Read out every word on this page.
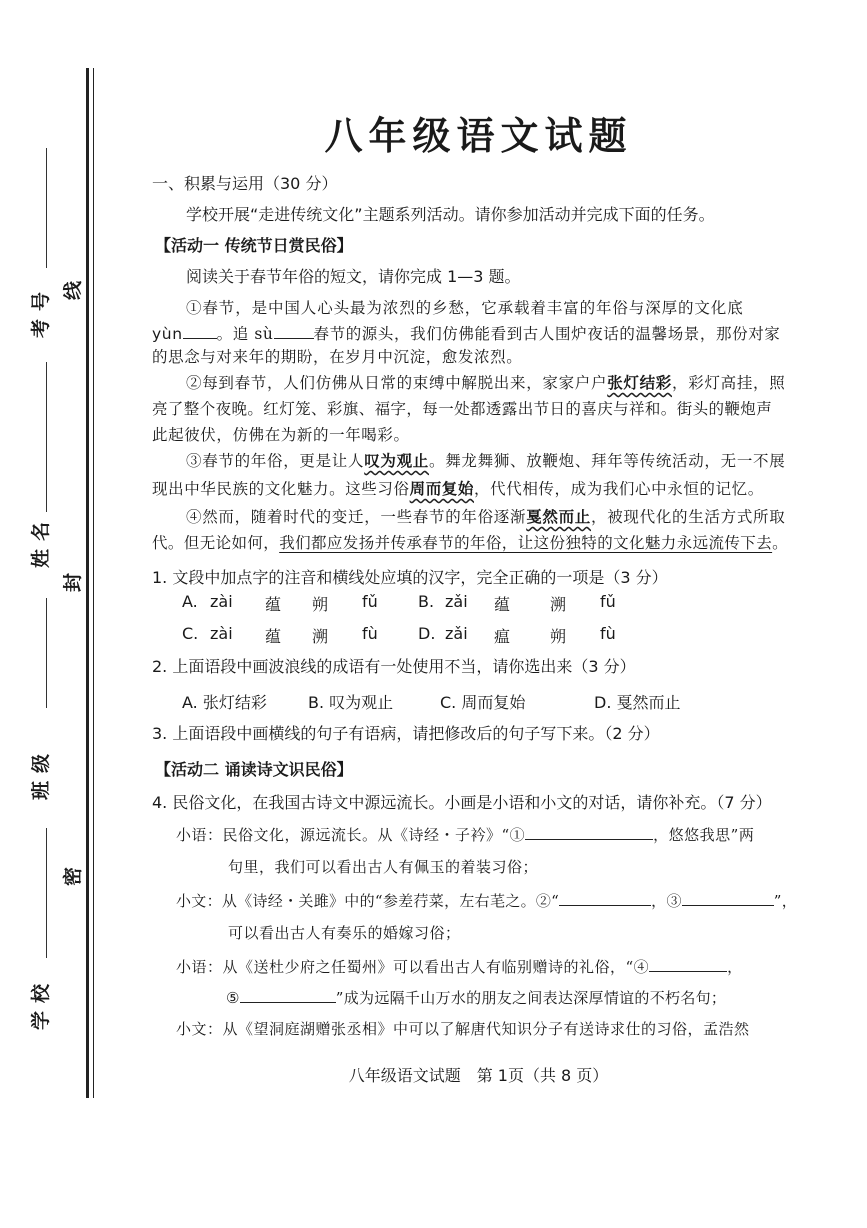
考号 线
姓名
封
班级
密
学校
八年级语文试题
一、积累与运用（30 分）
学校开展“走进传统文化”主题系列活动。请你参加活动并完成下面的任务。
【活动一 传统节日赏民俗】
阅读关于春节年俗的短文，请你完成 1—3 题。
①春节，是中国人心头最为浓烈的乡愁，它承载着丰富的年俗与深厚的文化底
yùn 。追 sù	春节的源头，我们仿佛能看到古人围炉夜话的温馨场景，那份对家
的思念与对来年的期盼，在岁月中沉淀，愈发浓烈。
②每到春节，人们仿佛从日常的束缚中解脱出来，家家户户张灯结彩，彩灯高挂，照
亮了整个夜晚。红灯笼、彩旗、福字，每一处都透露出节日的喜庆与祥和。街头的鞭炮声
此起彼伏，仿佛在为新的一年喝彩。
③春节的年俗，更是让人叹为观止。舞龙舞狮、放鞭炮、拜年等传统活动，无一不展
现出中华民族的文化魅力。这些习俗周而复始，代代相传，成为我们心中永恒的记忆。
④然而，随着时代的变迁，一些春节的年俗逐渐戛然而止，被现代化的生活方式所取
代。但无论如何，我们都应发扬并传承春节的年俗，让这份独特的文化魅力永远流传下去。
1. 文段中加点字的注音和横线处应填的汉字，完全正确的一项是（3 分）
A. zài 蕴 朔 fǔ	B. zǎi 蕴 溯 fǔ
C. zài 蕴 溯 fù	D. zǎi 瘟 朔 fù
2. 上面语段中画波浪线的成语有一处使用不当，请你选出来（3 分）
A. 张灯结彩	B. 叹为观止	C. 周而复始	D. 戛然而止
3. 上面语段中画横线的句子有语病，请把修改后的句子写下来。（2 分）
【活动二 诵读诗文识民俗】
4. 民俗文化，在我国古诗文中源远流长。小画是小语和小文的对话，请你补充。（7 分）
小语：民俗文化，源远流长。从《诗经・子衿》“①	，悠悠我思”两
句里，我们可以看出古人有佩玉的着装习俗；
小文：从《诗经・关雎》中的“参差荇菜，左右芼之。②“	，③	”，
可以看出古人有奏乐的婚嫁习俗；
小语：从《送杜少府之任蜀州》可以看出古人有临别赠诗的礼俗，“④	，
⑤	”成为远隔千山万水的朋友之间表达深厚情谊的不朽名句；
小文：从《望洞庭湖赠张丞相》中可以了解唐代知识分子有送诗求仕的习俗，孟浩然
八年级语文试题　第 1页（共 8 页）
